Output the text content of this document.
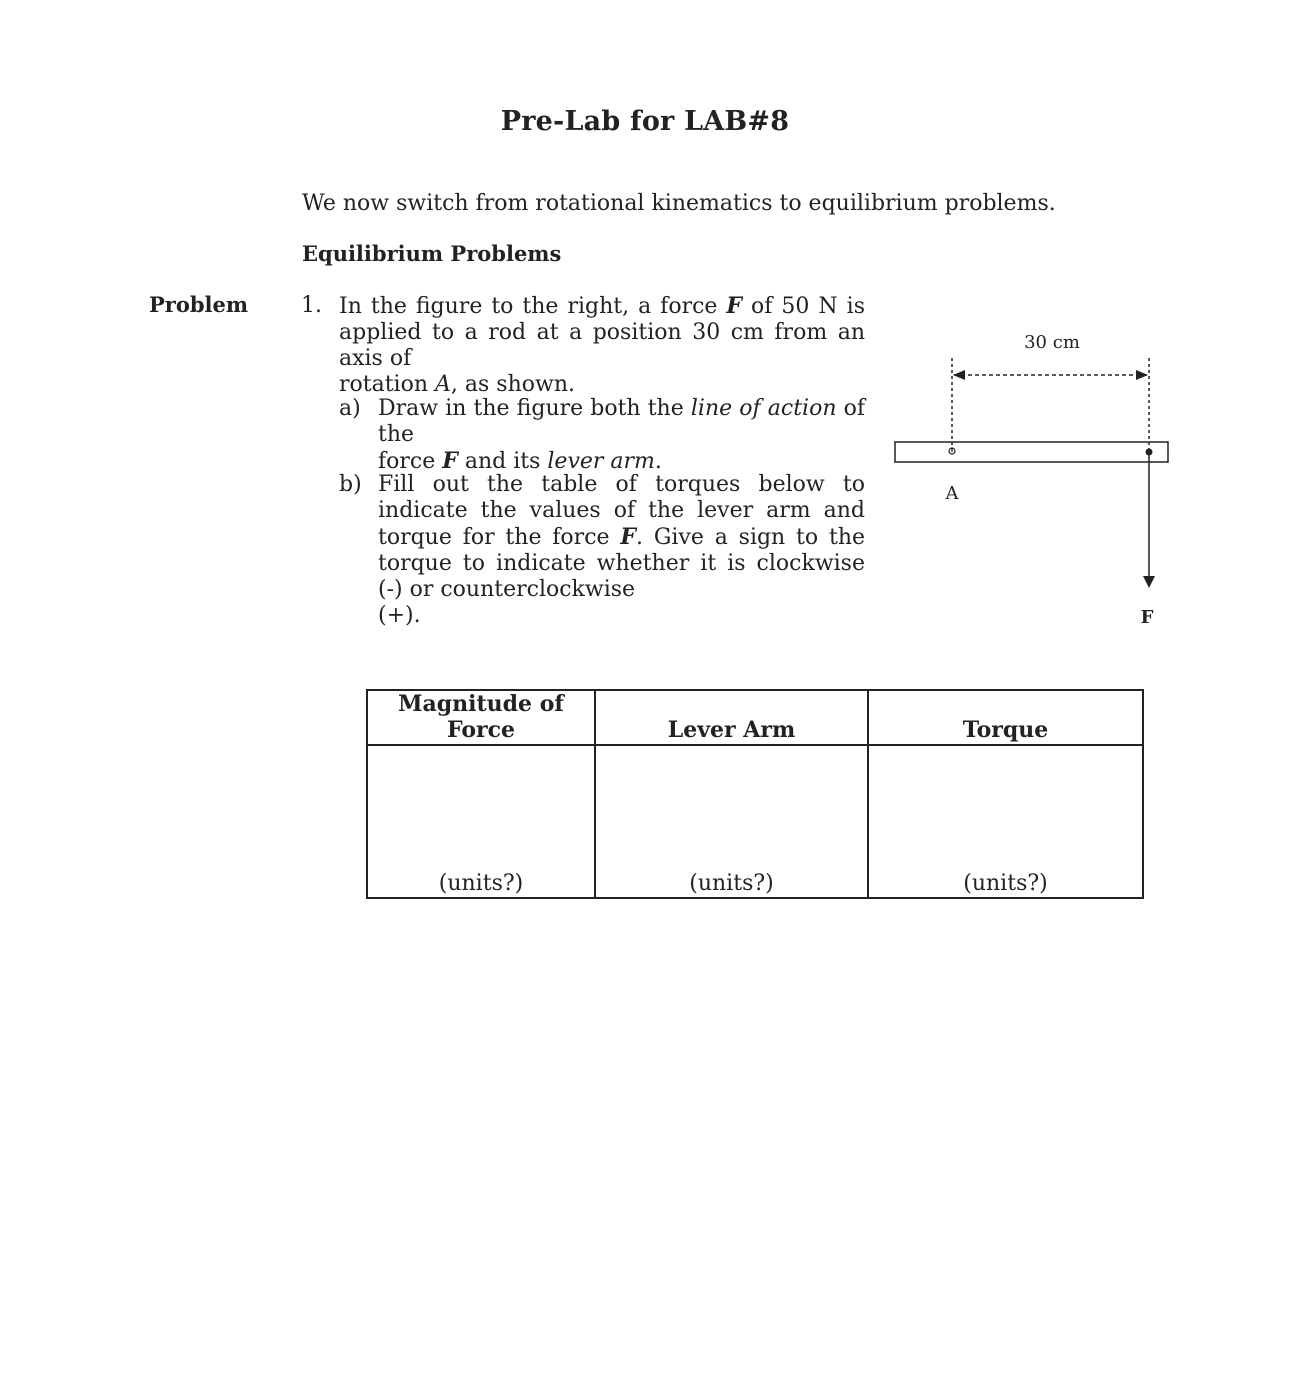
Pre-Lab for LAB#8
We now switch from rotational kinematics to equilibrium problems.
Equilibrium Problems
Problem 1. In the figure to the right, a force F of 50 N is applied to a rod at a position 30 cm from an axis of
rotation A, as shown.
a) Draw in the figure both the line of action of the
force F and its lever arm.
b) Fill out the table of torques below to indicate the values of the lever arm and torque for the force F. Give a sign to the torque to indicate whether it is clockwise (-) or counterclockwise
(+).
30 cm
A
F
Magnitude of Force	Lever Arm	Torque
(units?)	(units?)	(units?)
